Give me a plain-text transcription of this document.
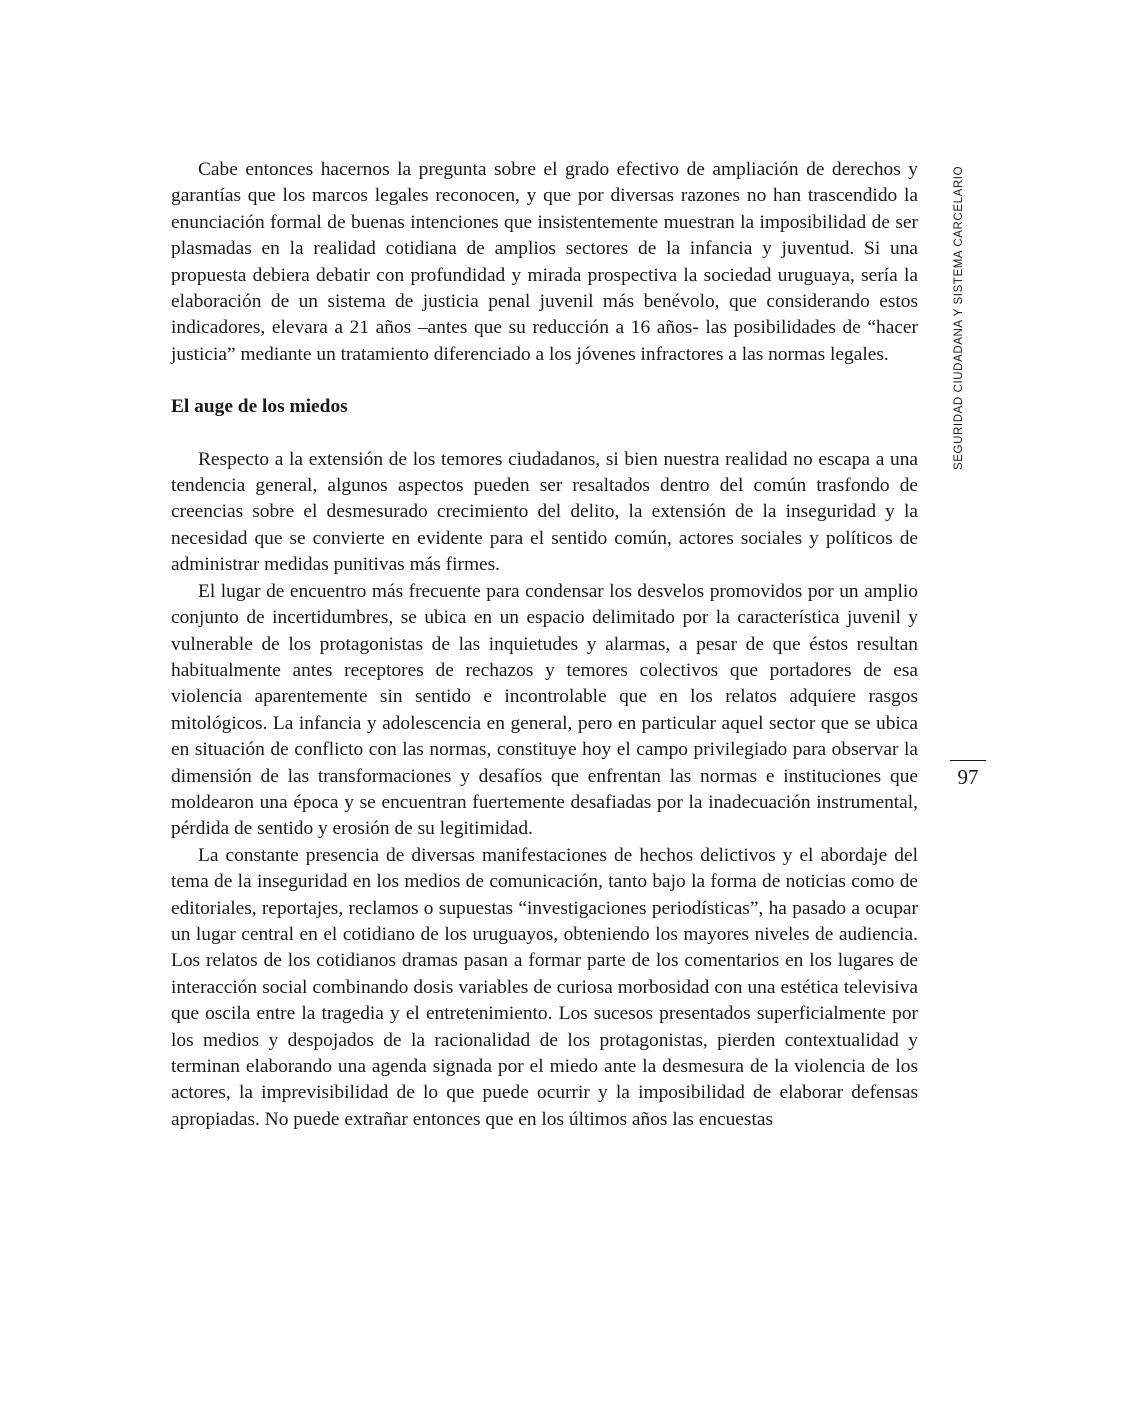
Cabe entonces hacernos la pregunta sobre el grado efectivo de ampliación de derechos y garantías que los marcos legales reconocen, y que por diversas razones no han trascendido la enunciación formal de buenas intenciones que insistentemente muestran la imposibilidad de ser plasmadas en la realidad cotidiana de amplios sectores de la infancia y juventud. Si una propuesta debiera debatir con profundidad y mirada prospectiva la sociedad uruguaya, sería la elaboración de un sistema de justicia penal juvenil más benévolo, que considerando estos indicadores, elevara a 21 años –antes que su reducción a 16 años- las posibilidades de “hacer justicia” mediante un tratamiento diferenciado a los jóvenes infractores a las normas legales.

El auge de los miedos

Respecto a la extensión de los temores ciudadanos, si bien nuestra realidad no escapa a una tendencia general, algunos aspectos pueden ser resaltados dentro del común trasfondo de creencias sobre el desmesurado crecimiento del delito, la extensión de la inseguridad y la necesidad que se convierte en evidente para el sentido común, actores sociales y políticos de administrar medidas punitivas más firmes.

El lugar de encuentro más frecuente para condensar los desvelos promovidos por un amplio conjunto de incertidumbres, se ubica en un espacio delimitado por la característica juvenil y vulnerable de los protagonistas de las inquietudes y alarmas, a pesar de que éstos resultan habitualmente antes receptores de rechazos y temores colectivos que portadores de esa violencia aparentemente sin sentido e incontrolable que en los relatos adquiere rasgos mitológicos. La infancia y adolescencia en general, pero en particular aquel sector que se ubica en situación de conflicto con las normas, constituye hoy el campo privilegiado para observar la dimensión de las transformaciones y desafíos que enfrentan las normas e instituciones que moldearon una época y se encuentran fuertemente desafiadas por la inadecuación instrumental, pérdida de sentido y erosión de su legitimidad.

La constante presencia de diversas manifestaciones de hechos delictivos y el abordaje del tema de la inseguridad en los medios de comunicación, tanto bajo la forma de noticias como de editoriales, reportajes, reclamos o supuestas “investigaciones periodísticas”, ha pasado a ocupar un lugar central en el cotidiano de los uruguayos, obteniendo los mayores niveles de audiencia. Los relatos de los cotidianos dramas pasan a formar parte de los comentarios en los lugares de interacción social combinando dosis variables de curiosa morbosidad con una estética televisiva que oscila entre la tragedia y el entretenimiento. Los sucesos presentados superficialmente por los medios y despojados de la racionalidad de los protagonistas, pierden contextualidad y terminan elaborando una agenda signada por el miedo ante la desmesura de la violencia de los actores, la imprevisibilidad de lo que puede ocurrir y la imposibilidad de elaborar defensas apropiadas. No puede extrañar entonces que en los últimos años las encuestas

SEGURIDAD CIUDADANA Y SISTEMA CARCELARIO
97
